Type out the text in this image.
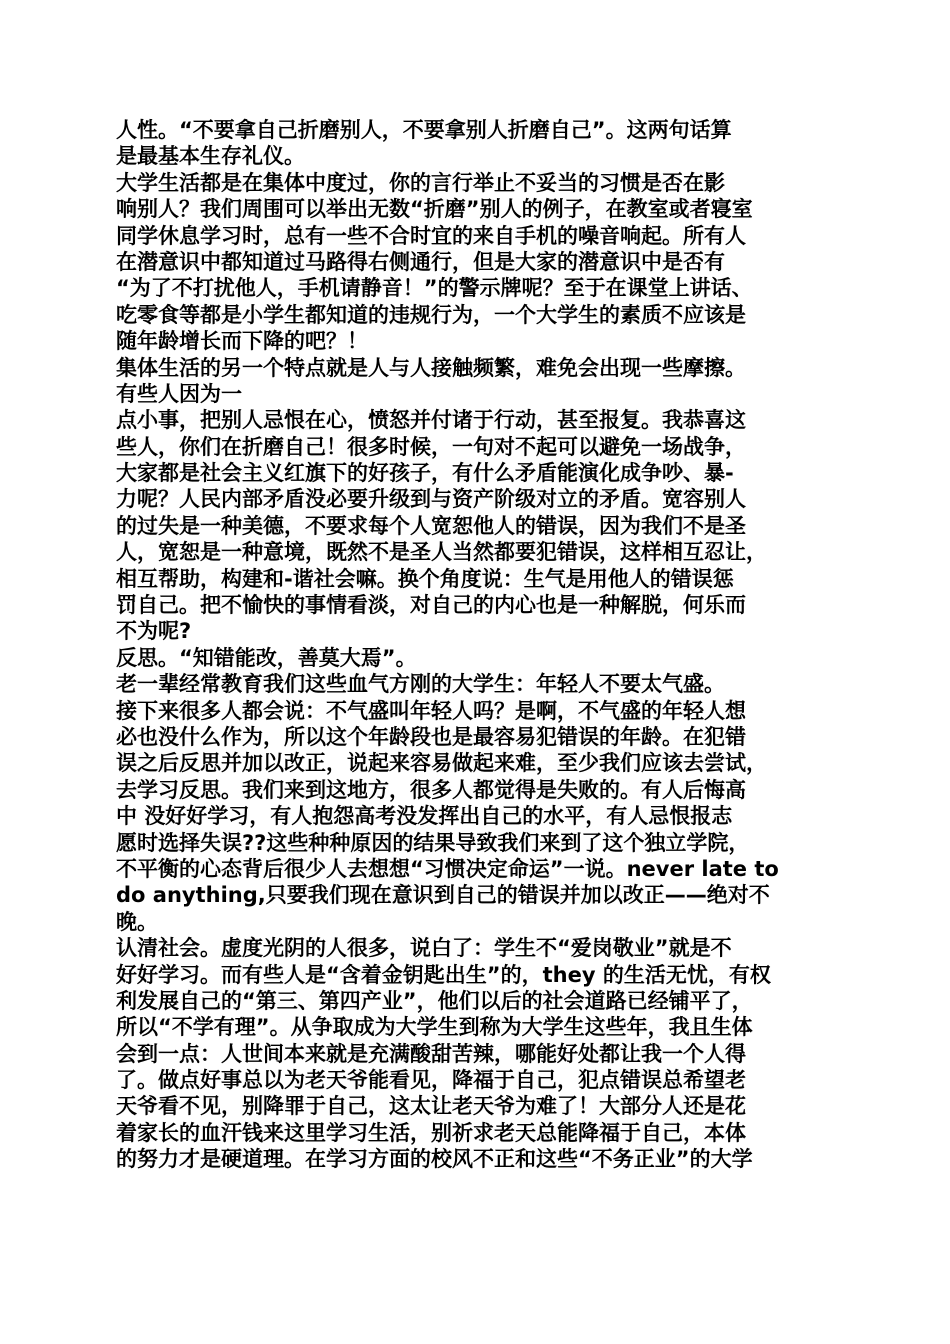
人性。“不要拿自己折磨别人，不要拿别人折磨自己”。这两句话算
是最基本生存礼仪。
大学生活都是在集体中度过，你的言行举止不妥当的习惯是否在影
响别人？我们周围可以举出无数“折磨”别人的例子，在教室或者寝室
同学休息学习时，总有一些不合时宜的来自手机的噪音响起。所有人
在潜意识中都知道过马路得右侧通行，但是大家的潜意识中是否有
“为了不打扰他人，手机请静音！”的警示牌呢？至于在课堂上讲话、
吃零食等都是小学生都知道的违规行为，一个大学生的素质不应该是
随年龄增长而下降的吧？！
集体生活的另一个特点就是人与人接触频繁，难免会出现一些摩擦。
有些人因为一
点小事，把别人忌恨在心，愤怒并付诸于行动，甚至报复。我恭喜这
些人，你们在折磨自己！很多时候，一句对不起可以避免一场战争，
大家都是社会主义红旗下的好孩子，有什么矛盾能演化成争吵、暴-
力呢？人民内部矛盾没必要升级到与资产阶级对立的矛盾。宽容别人
的过失是一种美德，不要求每个人宽恕他人的错误，因为我们不是圣
人，宽恕是一种意境，既然不是圣人当然都要犯错误，这样相互忍让，
相互帮助，构建和-谐社会嘛。换个角度说：生气是用他人的错误惩
罚自己。把不愉快的事情看淡，对自己的内心也是一种解脱，何乐而
不为呢?
反思。“知错能改，善莫大焉”。
老一辈经常教育我们这些血气方刚的大学生：年轻人不要太气盛。
接下来很多人都会说：不气盛叫年轻人吗？是啊，不气盛的年轻人想
必也没什么作为，所以这个年龄段也是最容易犯错误的年龄。在犯错
误之后反思并加以改正，说起来容易做起来难，至少我们应该去尝试，
去学习反思。我们来到这地方，很多人都觉得是失败的。有人后悔高
中 没好好学习，有人抱怨高考没发挥出自己的水平，有人忌恨报志
愿时选择失误??这些种种原因的结果导致我们来到了这个独立学院，
不平衡的心态背后很少人去想想“习惯决定命运”一说。never late to
do anything,只要我们现在意识到自己的错误并加以改正——绝对不
晚。
认清社会。虚度光阴的人很多，说白了：学生不“爱岗敬业”就是不
好好学习。而有些人是“含着金钥匙出生”的，they 的生活无忧，有权
利发展自己的“第三、第四产业”，他们以后的社会道路已经铺平了，
所以“不学有理”。从争取成为大学生到称为大学生这些年，我且生体
会到一点：人世间本来就是充满酸甜苦辣，哪能好处都让我一个人得
了。做点好事总以为老天爷能看见，降福于自己，犯点错误总希望老
天爷看不见，别降罪于自己，这太让老天爷为难了！大部分人还是花
着家长的血汗钱来这里学习生活，别祈求老天总能降福于自己，本体
的努力才是硬道理。在学习方面的校风不正和这些“不务正业”的大学
